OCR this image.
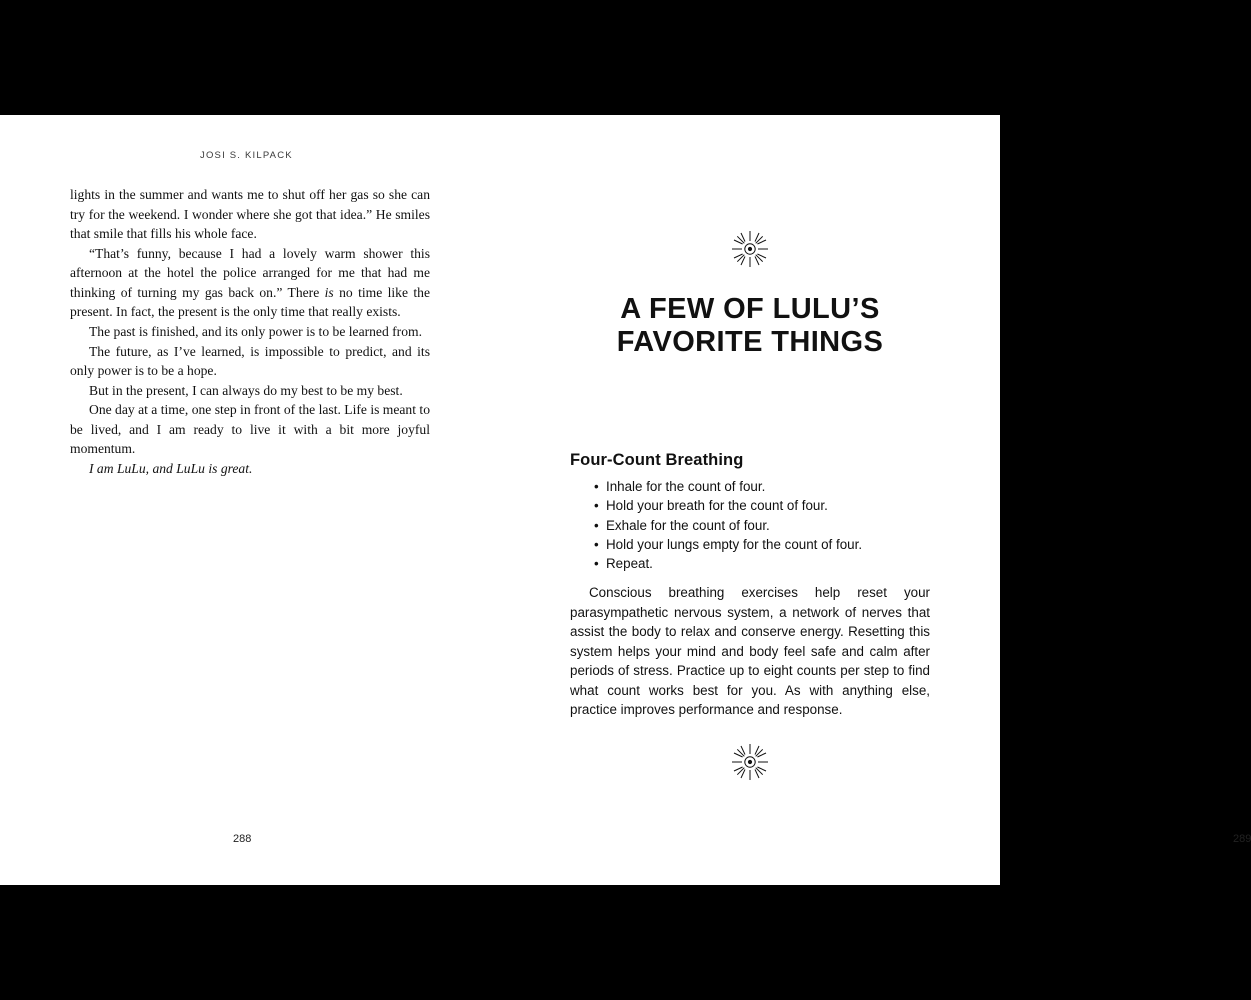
JOSI S. KILPACK

lights in the summer and wants me to shut off her gas so she can try for the weekend. I wonder where she got that idea.” He smiles that smile that fills his whole face.

“That’s funny, because I had a lovely warm shower this afternoon at the hotel the police arranged for me that had me thinking of turning my gas back on.” There is no time like the present. In fact, the present is the only time that really exists.

The past is finished, and its only power is to be learned from.

The future, as I’ve learned, is impossible to predict, and its only power is to be a hope.

But in the present, I can always do my best to be my best.

One day at a time, one step in front of the last. Life is meant to be lived, and I am ready to live it with a bit more joyful momentum.

I am LuLu, and LuLu is great.

288
A FEW OF LULU’S
FAVORITE THINGS
Four-Count Breathing
• Inhale for the count of four.
• Hold your breath for the count of four.
• Exhale for the count of four.
• Hold your lungs empty for the count of four.
• Repeat.

Conscious breathing exercises help reset your parasympathetic nervous system, a network of nerves that assist the body to relax and conserve energy. Resetting this system helps your mind and body feel safe and calm after periods of stress. Practice up to eight counts per step to find what count works best for you. As with anything else, practice improves performance and response.

289
